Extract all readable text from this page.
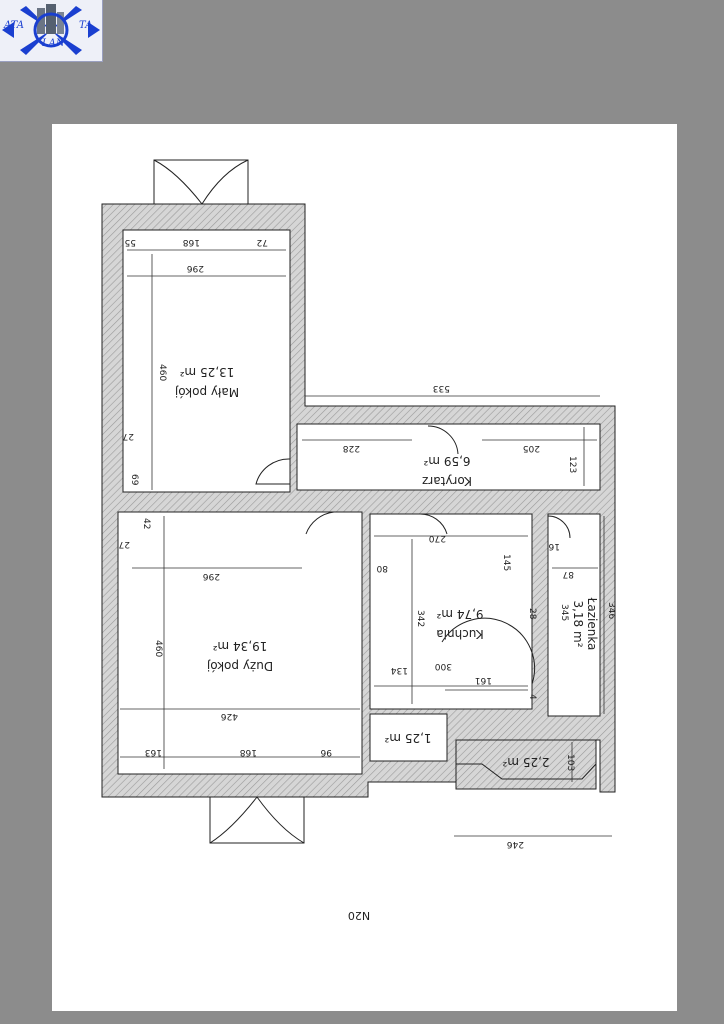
ATA	TA
LAN
55	168	72
296
460
27
69
533
228	205
123
42
27
296
460
426
163	168	96
270
342
145
80
28
300
134
161
4
16
87
345	346
103
246
Mały pokój
13,25 m²
Duży pokój
19,34 m²
Korytarz
6,59 m²
Kuchnia
9,74 m²	Łazienka
3,18 m²
1,25 m²
2,25 m²
N20
